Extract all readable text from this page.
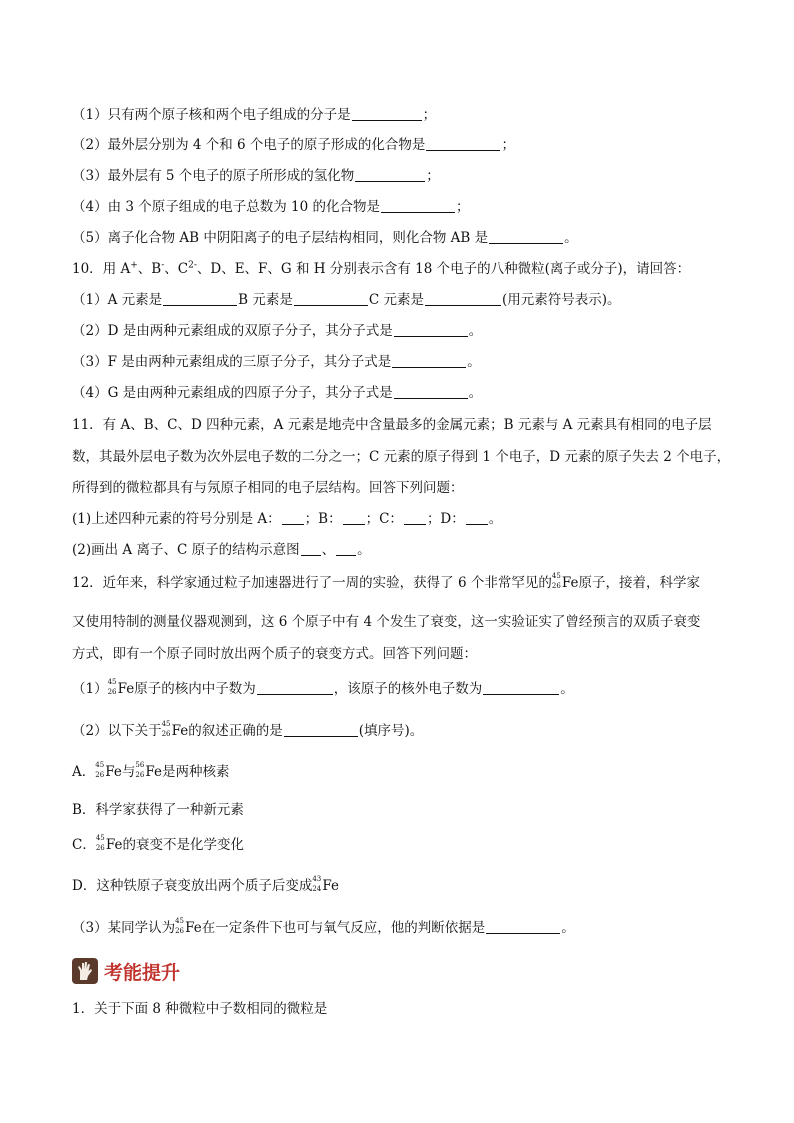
（1）只有两个原子核和两个电子组成的分子是	；
（2）最外层分别为 4 个和 6 个电子的原子形成的化合物是	；
（3）最外层有 5 个电子的原子所形成的氢化物	；
（4）由 3 个原子组成的电子总数为 10 的化合物是	；
（5）离子化合物 AB 中阴阳离子的电子层结构相同，则化合物 AB 是	。
10．用 A+、B-、$C^{2-}$、D、E、F、G 和 H 分别表示含有 18 个电子的八种微粒(离子或分子)，请回答：
（1）A 元素是	B 元素是	C 元素是	(用元素符号表示)。
（2）D 是由两种元素组成的双原子分子，其分子式是	。
（3）F 是由两种元素组成的三原子分子，其分子式是	。
（4）G 是由两种元素组成的四原子分子，其分子式是	。
11．有 A、B、C、D 四种元素，A 元素是地壳中含量最多的金属元素；B 元素与 A 元素具有相同的电子层
数，其最外层电子数为次外层电子数的二分之一；C 元素的原子得到 1 个电子，D 元素的原子失去 2 个电子，
所得到的微粒都具有与氖原子相同的电子层结构。回答下列问题：
(1)上述四种元素的符号分别是 A： ；B： ；C： ；D： 。
(2)画出 A 离子、C 原子的结构示意图 、 。
12．近年来，科学家通过粒子加速器进行了一周的实验，获得了 6 个非常罕见的 45
26 Fe原子，接着，科学家
又使用特制的测量仪器观测到，这 6 个原子中有 4 个发生了衰变，这一实验证实了曾经预言的双质子衰变
方式，即有一个原子同时放出两个质子的衰变方式。回答下列问题：
（1） 45
26 Fe原子的核内中子数为	，该原子的核外电子数为	。
（2）以下关于 45
26 Fe的叙述正确的是	(填序号)。
A． 45
26 Fe与 56
26 Fe是两种核素
B．科学家获得了一种新元素
C． 45
26 Fe的衰变不是化学变化
D．这种铁原子衰变放出两个质子后变成 43
24 Fe
（3）某同学认为 45
26 Fe在一定条件下也可与氧气反应，他的判断依据是	。
考能提升
1．关于下面 8 种微粒中子数相同的微粒是
